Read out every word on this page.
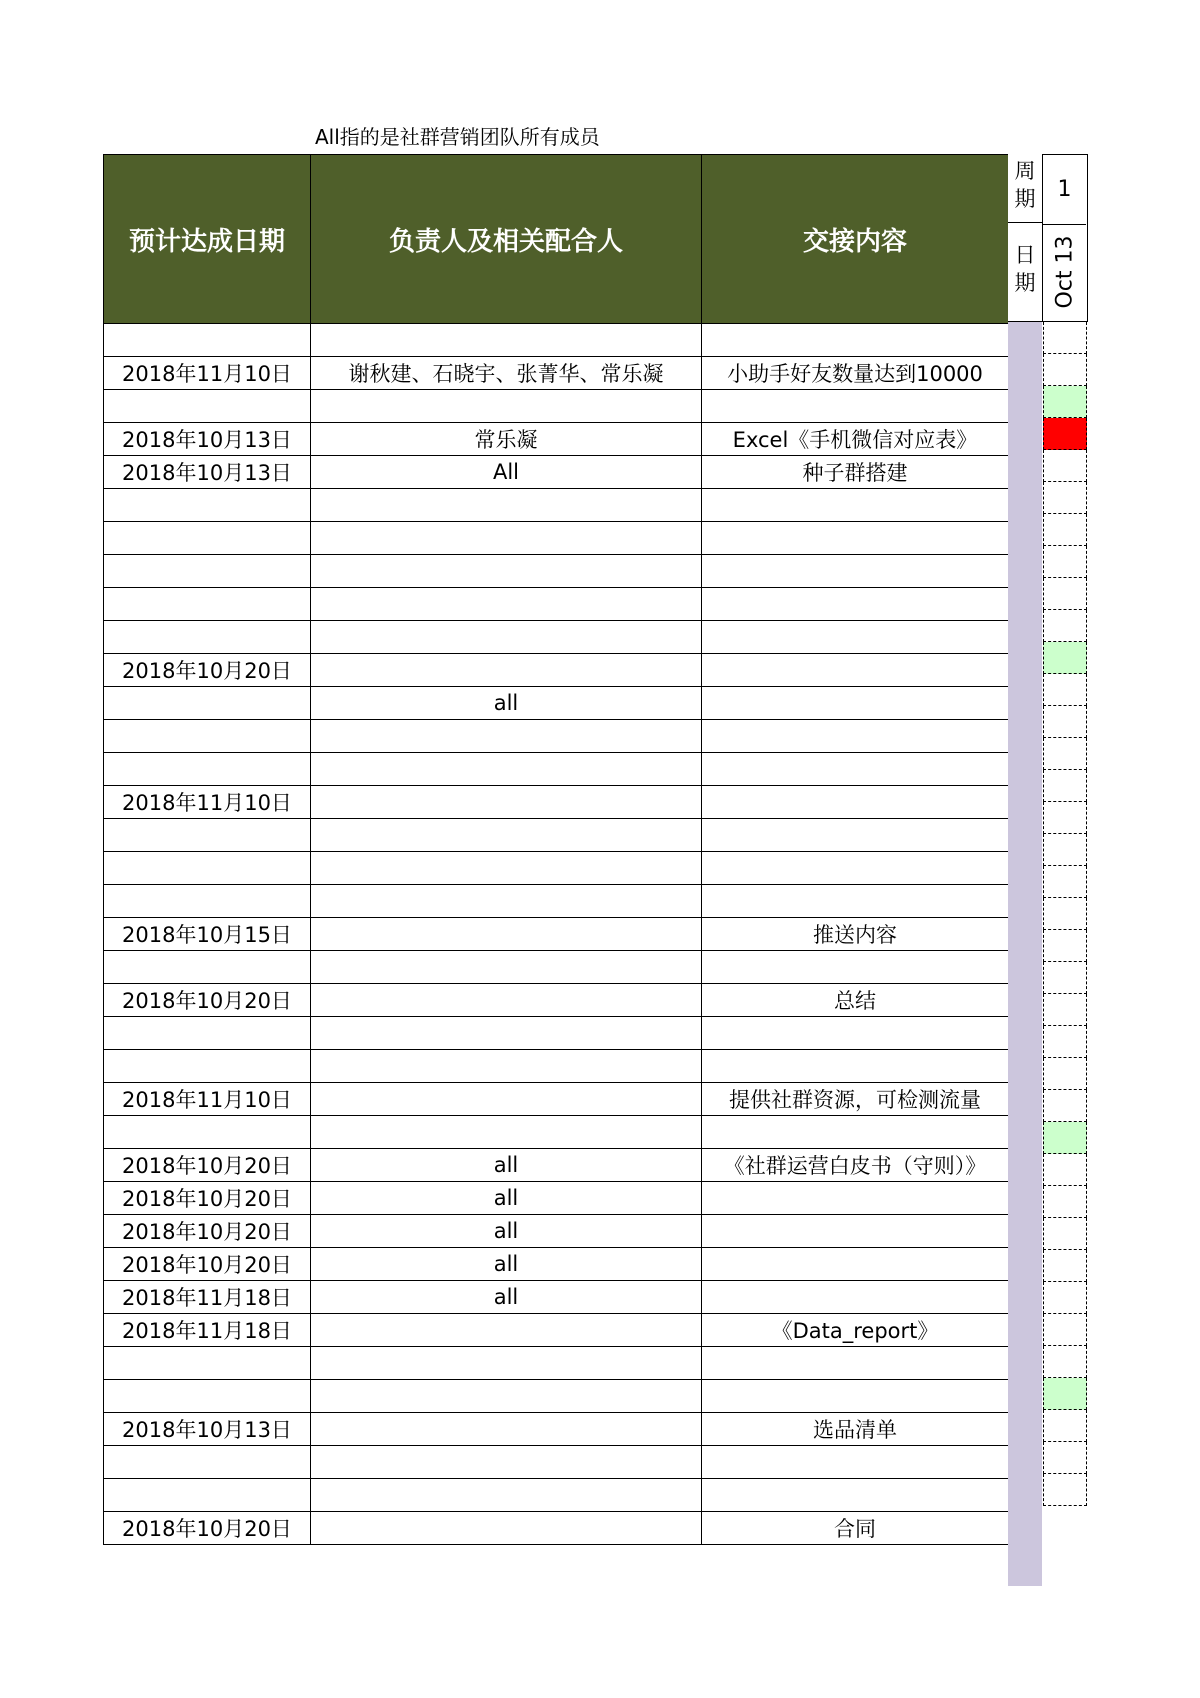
All指的是社群营销团队所有成员
预计达成日期	负责人及相关配合人	交接内容

2018年11月10日	谢秋建、石晓宇、张菁华、常乐凝	小助手好友数量达到10000

2018年10月13日	常乐凝	Excel《手机微信对应表》
2018年10月13日	All	种子群搭建

2018年10月20日		
	all	

2018年11月10日		

2018年10月15日		推送内容

2018年10月20日		总结

2018年11月10日		提供社群资源，可检测流量

2018年10月20日	all	《社群运营白皮书（守则）》
2018年10月20日	all	
2018年10月20日	all	
2018年10月20日	all	
2018年11月18日	all	
2018年11月18日		《Data_report》

2018年10月13日		选品清单

2018年10月20日		合同
周
期
日
期
1
Oct 13
